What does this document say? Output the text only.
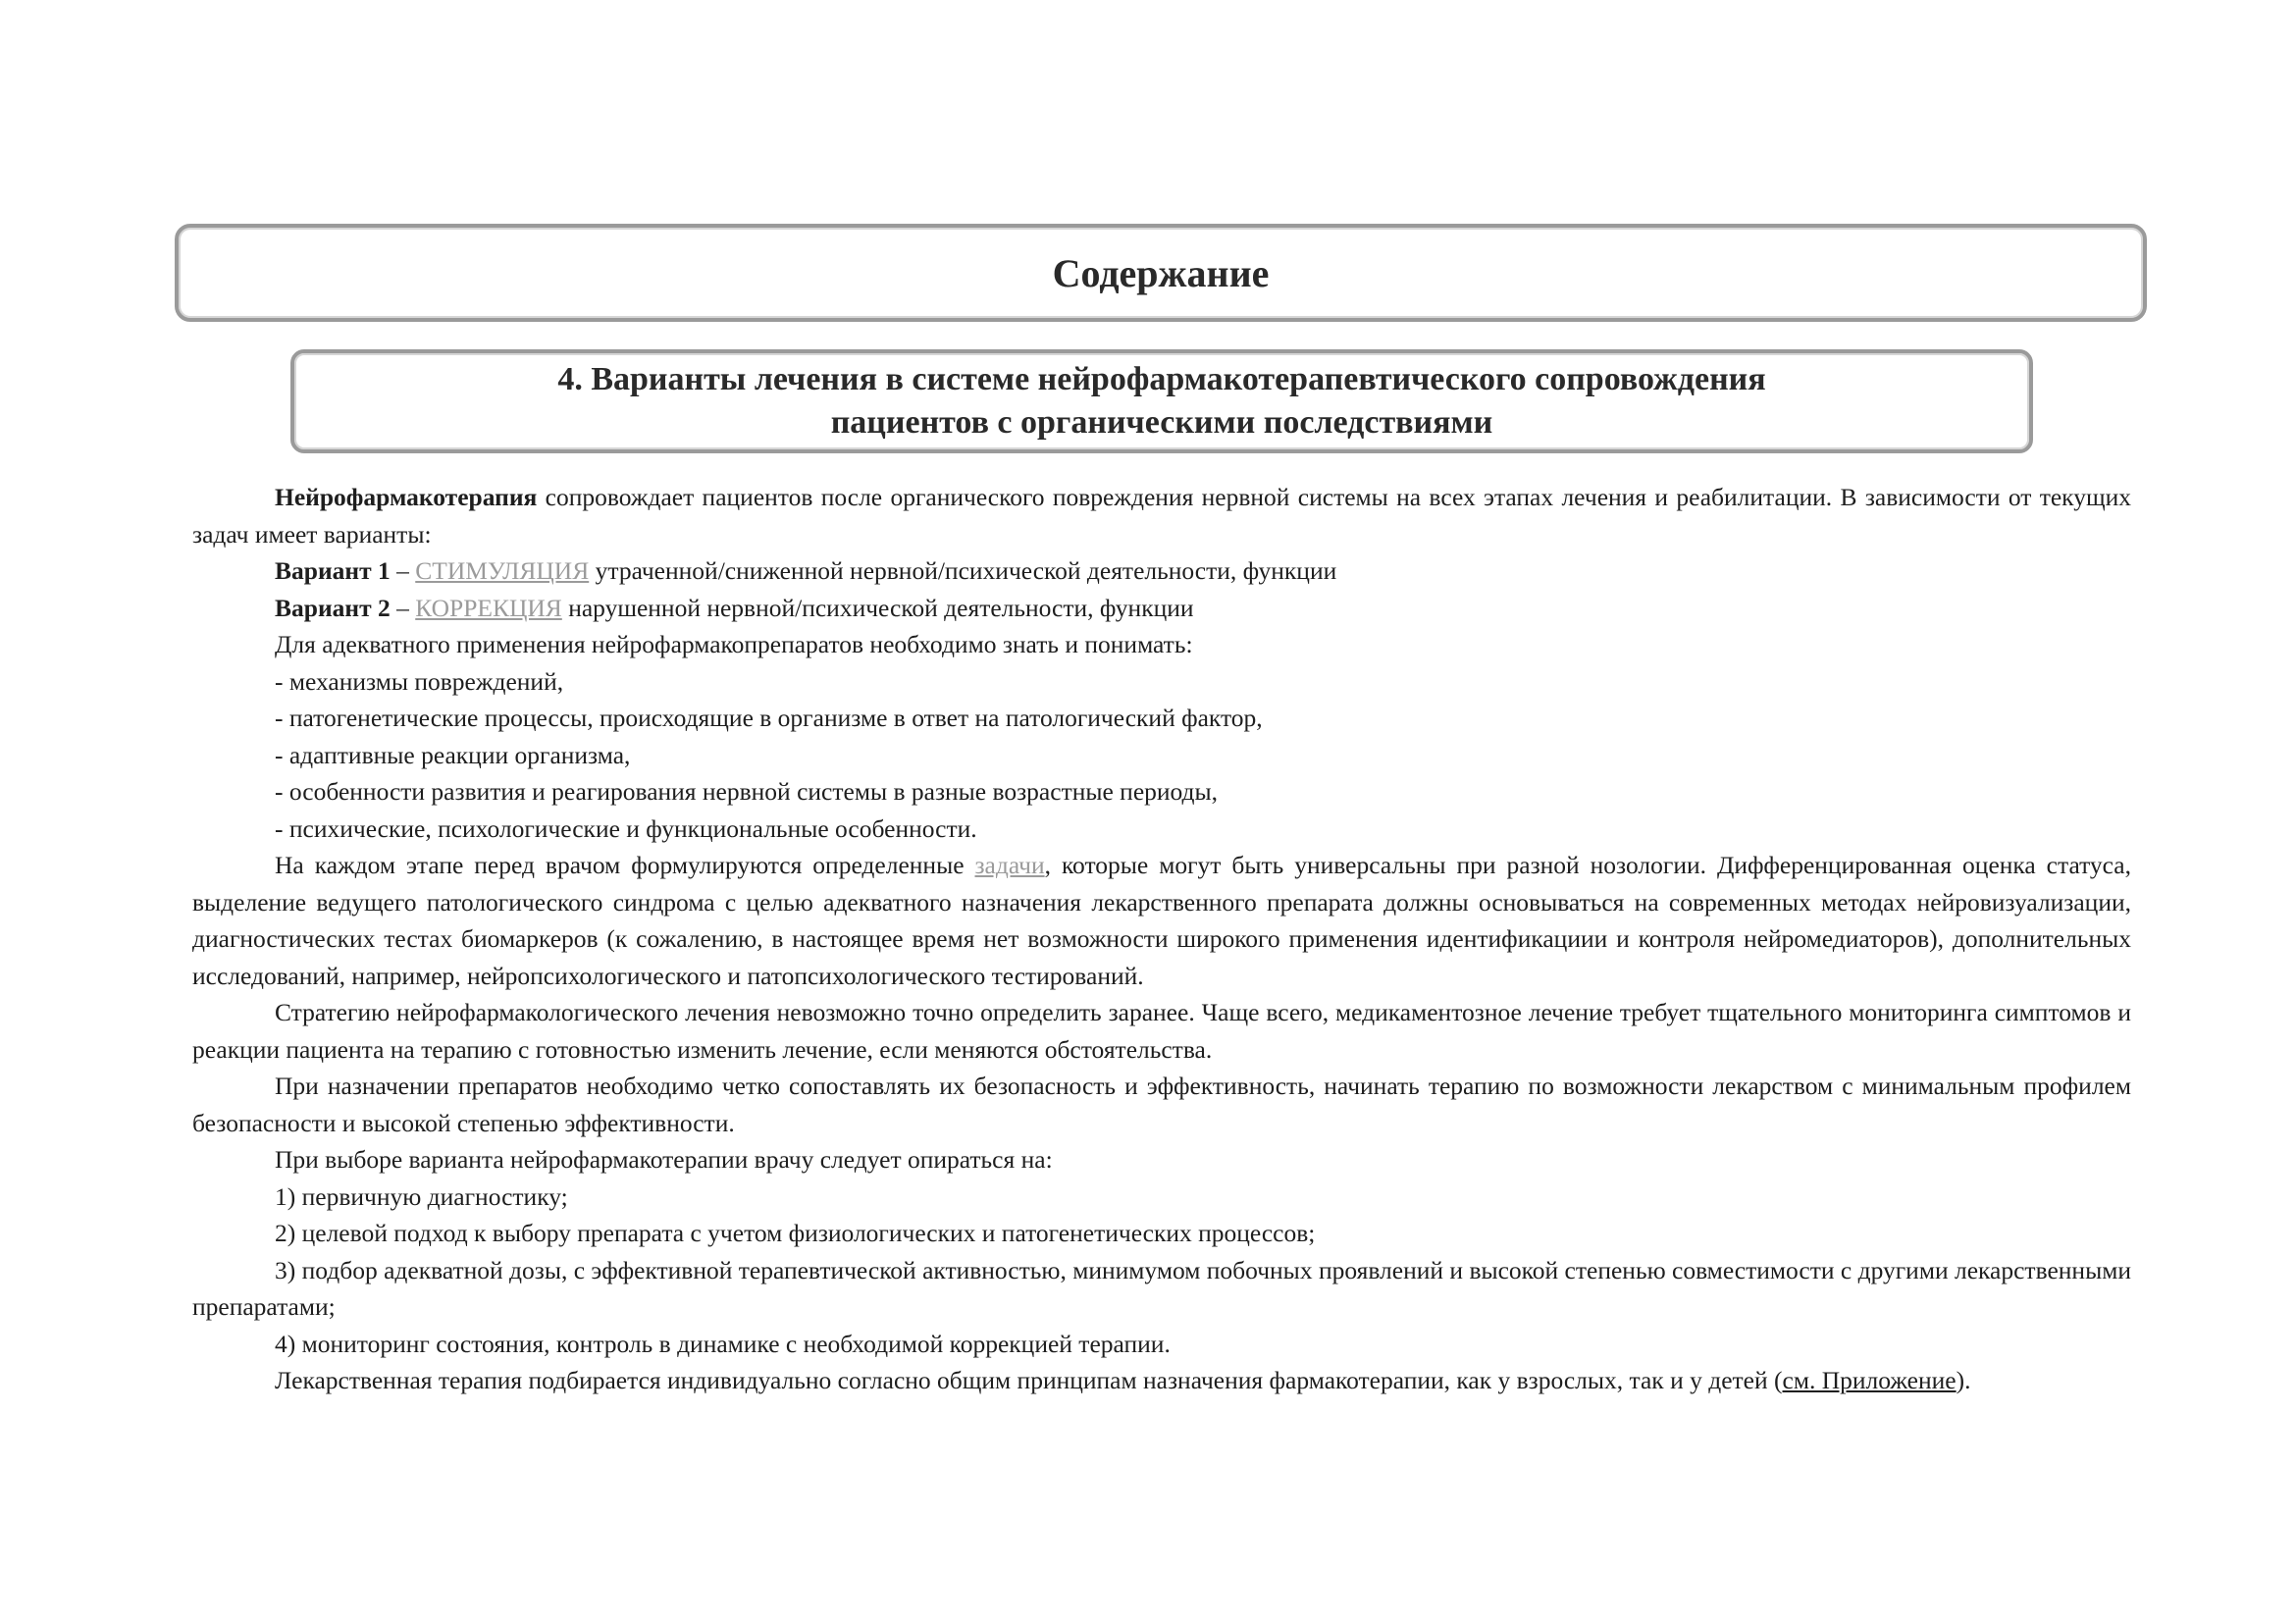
Содержание
4. Варианты лечения в системе нейрофармакотерапевтического сопровождения
пациентов с органическими последствиями

Нейрофармакотерапия сопровождает пациентов после органического повреждения нервной системы на всех этапах лечения и реабилитации. В зависимости от текущих задач имеет варианты:

Вариант 1 – СТИМУЛЯЦИЯ утраченной/сниженной нервной/психической деятельности, функции

Вариант 2 – КОРРЕКЦИЯ нарушенной нервной/психической деятельности, функции

Для адекватного применения нейрофармакопрепаратов необходимо знать и понимать:

- механизмы повреждений,

- патогенетические процессы, происходящие в организме в ответ на патологический фактор,

- адаптивные реакции организма,

- особенности развития и реагирования нервной системы в разные возрастные периоды,

- психические, психологические и функциональные особенности.

На каждом этапе перед врачом формулируются определенные задачи, которые могут быть универсальны при разной нозологии. Дифференцированная оценка статуса, выделение ведущего патологического синдрома с целью адекватного назначения лекарственного препарата должны основываться на современных методах нейровизуализации, диагностических тестах биомаркеров (к сожалению, в настоящее время нет возможности широкого применения идентификациии и контроля нейромедиаторов), дополнительных исследований, например, нейропсихологического и патопсихологического тестирований.

Стратегию нейрофармакологического лечения невозможно точно определить заранее. Чаще всего, медикаментозное лечение требует тщательного мониторинга симптомов и реакции пациента на терапию с готовностью изменить лечение, если меняются обстоятельства.

При назначении препаратов необходимо четко сопоставлять их безопасность и эффективность, начинать терапию по возможности лекарством с минимальным профилем безопасности и высокой степенью эффективности.

При выборе варианта нейрофармакотерапии врачу следует опираться на:

1) первичную диагностику;

2) целевой подход к выбору препарата с учетом физиологических и патогенетических процессов;

3) подбор адекватной дозы, с эффективной терапевтической активностью, минимумом побочных проявлений и высокой степенью совместимости с другими лекарственными препаратами;

4) мониторинг состояния, контроль в динамике с необходимой коррекцией терапии.

Лекарственная терапия подбирается индивидуально согласно общим принципам назначения фармакотерапии, как у взрослых, так и у детей (см. Приложение).
